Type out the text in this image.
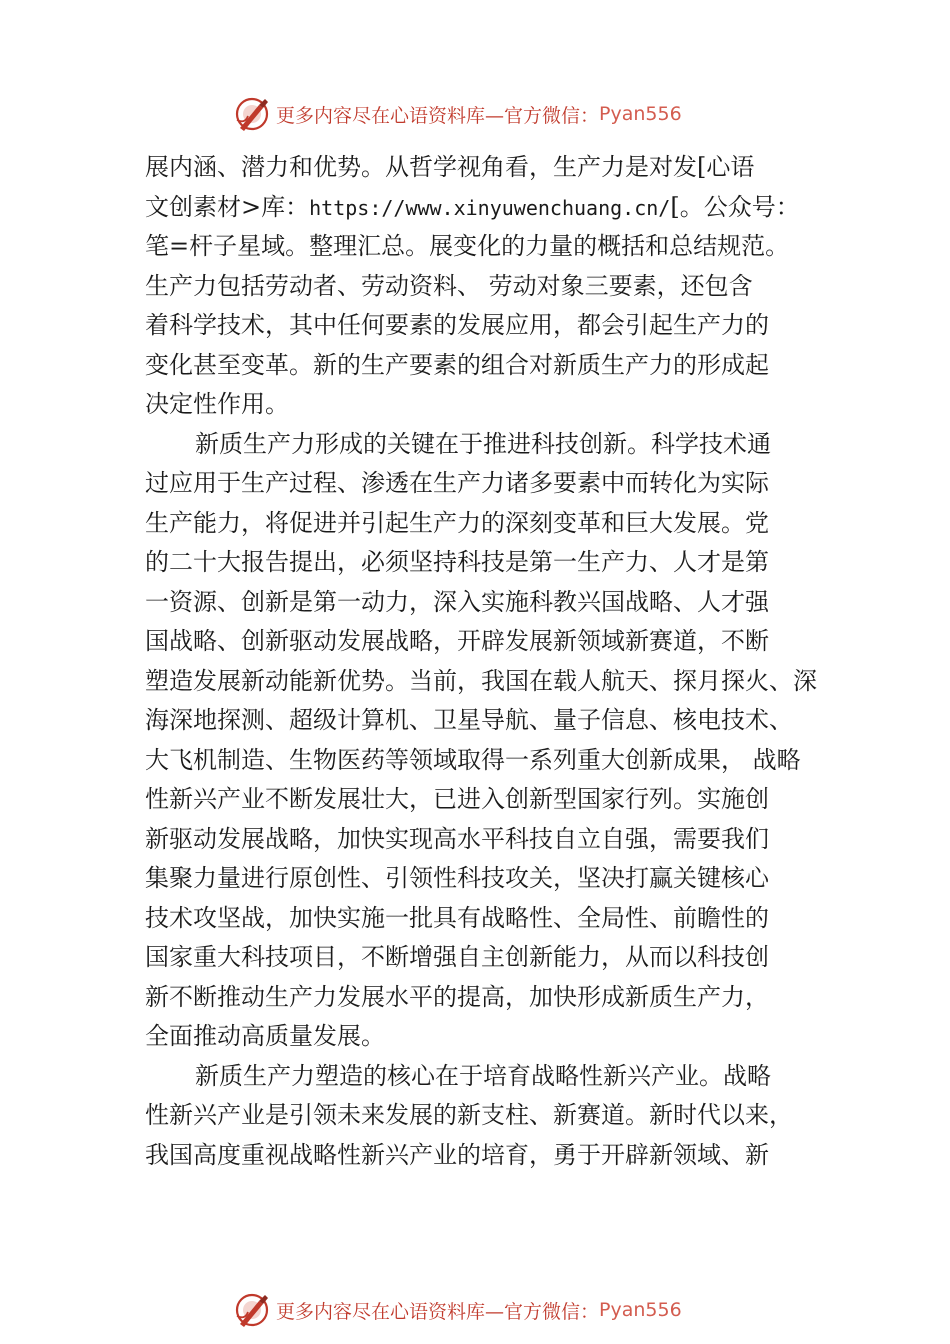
更多内容尽在心语资料库—官方微信： Pyan556
展内涵、潜力和优势。从哲学视角看，生产力是对发[心语
文创素材>库：https://www.xinyuwenchuang.cn/[。公众号：
笔=杆子星域。整理汇总。展变化的力量的概括和总结规范。
生产力包括劳动者、劳动资料、 劳动对象三要素，还包含
着科学技术，其中任何要素的发展应用，都会引起生产力的
变化甚至变革。新的生产要素的组合对新质生产力的形成起
决定性作用。
新质生产力形成的关键在于推进科技创新。科学技术通
过应用于生产过程、渗透在生产力诸多要素中而转化为实际
生产能力，将促进并引起生产力的深刻变革和巨大发展。党
的二十大报告提出，必须坚持科技是第一生产力、人才是第
一资源、创新是第一动力，深入实施科教兴国战略、人才强
国战略、创新驱动发展战略，开辟发展新领域新赛道，不断
塑造发展新动能新优势。当前，我国在载人航天、探月探火、深
海深地探测、超级计算机、卫星导航、量子信息、核电技术、
大飞机制造、生物医药等领域取得一系列重大创新成果， 战略
性新兴产业不断发展壮大，已进入创新型国家行列。实施创
新驱动发展战略，加快实现高水平科技自立自强，需要我们
集聚力量进行原创性、引领性科技攻关，坚决打赢关键核心
技术攻坚战，加快实施一批具有战略性、全局性、前瞻性的
国家重大科技项目，不断增强自主创新能力，从而以科技创
新不断推动生产力发展水平的提高，加快形成新质生产力，
全面推动高质量发展。
新质生产力塑造的核心在于培育战略性新兴产业。战略
性新兴产业是引领未来发展的新支柱、新赛道。新时代以来，
我国高度重视战略性新兴产业的培育，勇于开辟新领域、新
更多内容尽在心语资料库—官方微信： Pyan556
